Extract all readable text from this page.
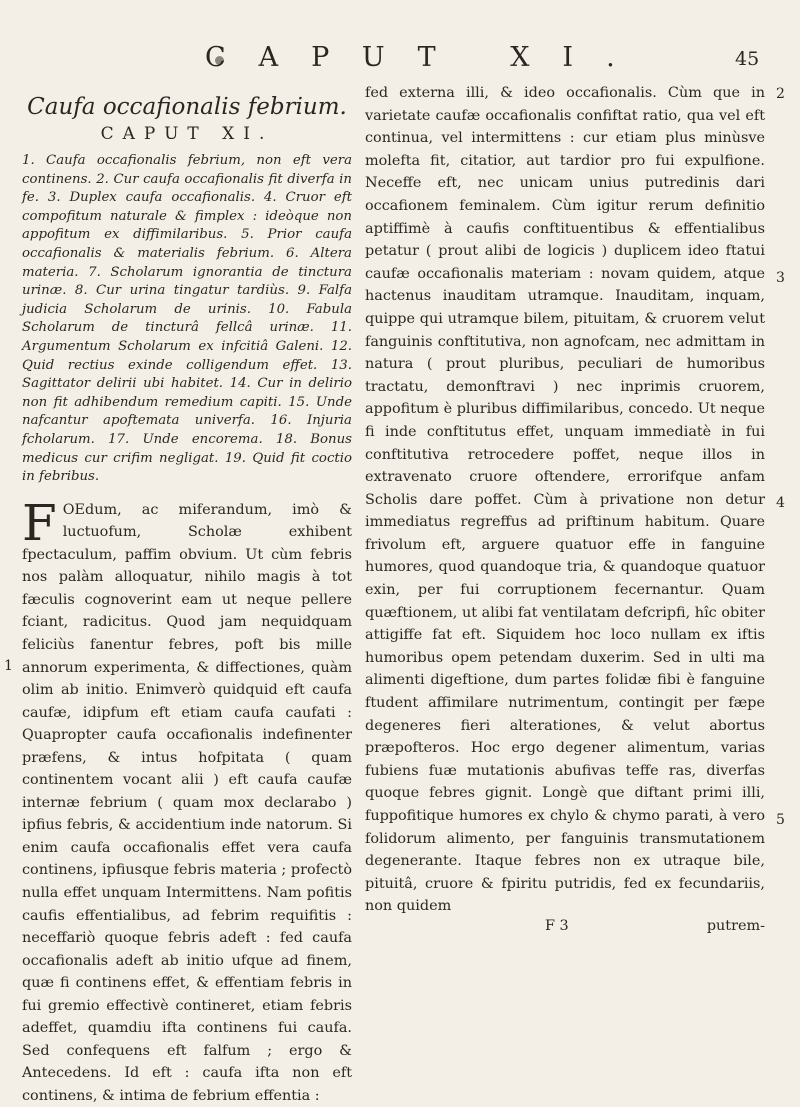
CAPUT XI.	45
Caufa occafionalis febrium.
CAPUT XI.

1. Caufa occafionalis febrium, non eft vera continens. 2. Cur caufa occafionalis fit diverfa in fe. 3. Duplex caufa occafionalis. 4. Cruor eft compofitum naturale & fimplex : ideòque non appofitum ex diffimilaribus. 5. Prior caufa occafionalis & materialis febrium. 6. Altera materia. 7. Scholarum ignorantia de tinctura urinæ. 8. Cur urina tingatur tardiùs. 9. Falfa judicia Scholarum de urinis. 10. Fabula Scholarum de tincturâ fellcâ urinæ. 11. Argumentum Scholarum ex infcitiâ Galeni. 12. Quid rectius exinde colligendum effet. 13. Sagittator delirii ubi habitet. 14. Cur in delirio non fit adhibendum remedium capiti. 15. Unde nafcantur apoftemata univerfa. 16. Injuria fcholarum. 17. Unde encorema. 18. Bonus medicus cur crifim negligat. 19. Quid fit coctio in febribus.

F OEdum, ac miferandum, imò & luctuofum, Scholæ exhibent fpectaculum, paffim obvium. Ut cùm febris nos palàm alloquatur, nihilo magis à tot fæculis cognoverint eam ut neque pellere fciant, radicitus. Quod jam nequidquam feliciùs fanentur febres, poft bis mille annorum experimenta, & diffectiones, quàm olim ab initio. Enimverò quidquid eft caufa caufæ, idipfum eft etiam caufa caufati : Quapropter caufa occafionalis indefinenter præfens, & intus hofpitata ( quam continentem vocant alii ) eft caufa caufæ internæ febrium ( quam mox declarabo ) ipfius febris, & accidentium inde natorum. Si enim caufa occafionalis effet vera caufa continens, ipfiusque febris materia ; profectò nulla effet unquam Intermittens. Nam pofitis caufis effentialibus, ad febrim requifitis : neceffariò quoque febris adeft : fed caufa occafionalis adeft ab initio ufque ad finem, quæ fi continens effet, & effentiam febris in fui gremio effectivè contineret, etiam febris adeffet, quamdiu ifta continens fui caufa. Sed confequens eft falfum ; ergo & Antecedens. Id eft : caufa ifta non eft continens, & intima de febrium effentia :

1

fed externa illi, & ideo occafionalis. Cùm que in varietate caufæ occafionalis confiftat ratio, qua vel eft continua, vel intermittens : cur etiam plus minùsve molefta fit, citatior, aut tardior pro fui expulfione. Neceffe eft, nec unicam unius putredinis dari occafionem feminalem. Cùm igitur rerum definitio aptiffimè à caufis conftituentibus & effentialibus petatur ( prout alibi de logicis ) duplicem ideo ftatui caufæ occafionalis materiam : novam quidem, atque hactenus inauditam utramque. Inauditam, inquam, quippe qui utramque bilem, pituitam, & cruorem velut fanguinis conftitutiva, non agnofcam, nec admittam in natura ( prout pluribus, peculiari de humoribus tractatu, demonftravi ) nec inprimis cruorem, appofitum è pluribus diffimilaribus, concedo. Ut neque fi inde conftitutus effet, unquam immediatè in fui conftitutiva retrocedere poffet, neque illos in extravenato cruore oftendere, errorifque anfam Scholis dare poffet. Cùm à privatione non detur immediatus regreffus ad priftinum habitum. Quare frivolum eft, arguere quatuor effe in fanguine humores, quod quandoque tria, & quandoque quatuor exin, per fui corruptionem fecernantur. Quam quæftionem, ut alibi fat ventilatam defcripfi, hîc obiter attigiffe fat eft. Siquidem hoc loco nullam ex iftis humoribus opem petendam duxerim. Sed in ulti ma alimenti digeftione, dum partes folidæ fibi è fanguine ftudent affimilare nutrimentum, contingit per fæpe degeneres fieri alterationes, & velut abortus præpofteros. Hoc ergo degener alimentum, varias fubiens fuæ mutationis abufivas teffe ras, diverfas quoque febres gignit. Longè que diftant primi illi, fuppofitique humores ex chylo & chymo parati, à vero folidorum alimento, per fanguinis transmutationem degenerante. Itaque febres non ex utraque bile, pituitâ, cruore & fpiritu putridis, fed ex fecundariis, non quidem

F 3	putrem-
2
3
4
5
